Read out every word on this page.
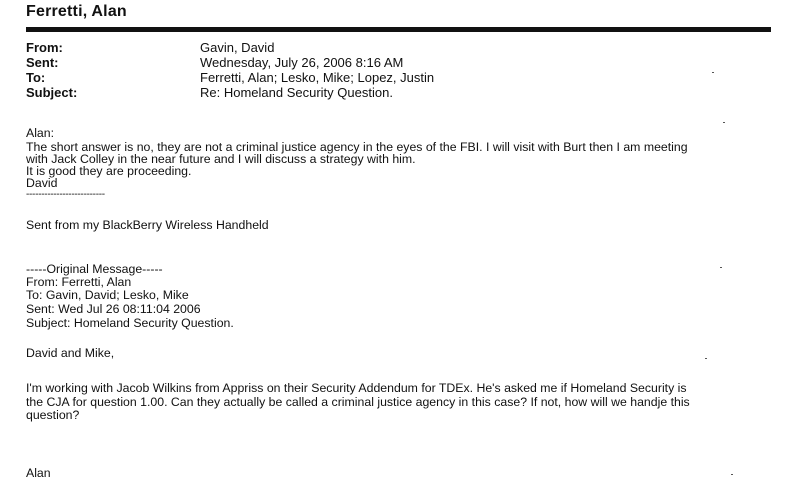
Ferretti, Alan
From:	Gavin, David
Sent:	Wednesday, July 26, 2006 8:16 AM
To:	Ferretti, Alan; Lesko, Mike; Lopez, Justin
Subject:	Re: Homeland Security Question.
Alan:
The short answer is no, they are not a criminal justice agency in the eyes of the FBI. I will visit with Burt then I am meeting
with Jack Colley in the near future and I will discuss a strategy with him.
It is good they are proceeding.
David
--------------------------
Sent from my BlackBerry Wireless Handheld
-----Original Message-----
From: Ferretti, Alan
To: Gavin, David; Lesko, Mike
Sent: Wed Jul 26 08:11:04 2006
Subject: Homeland Security Question.
David and Mike,
I'm working with Jacob Wilkins from Appriss on their Security Addendum for TDEx. He's asked me if Homeland Security is
the CJA for question 1.00. Can they actually be called a criminal justice agency in this case? If not, how will we handje this
question?
Alan
